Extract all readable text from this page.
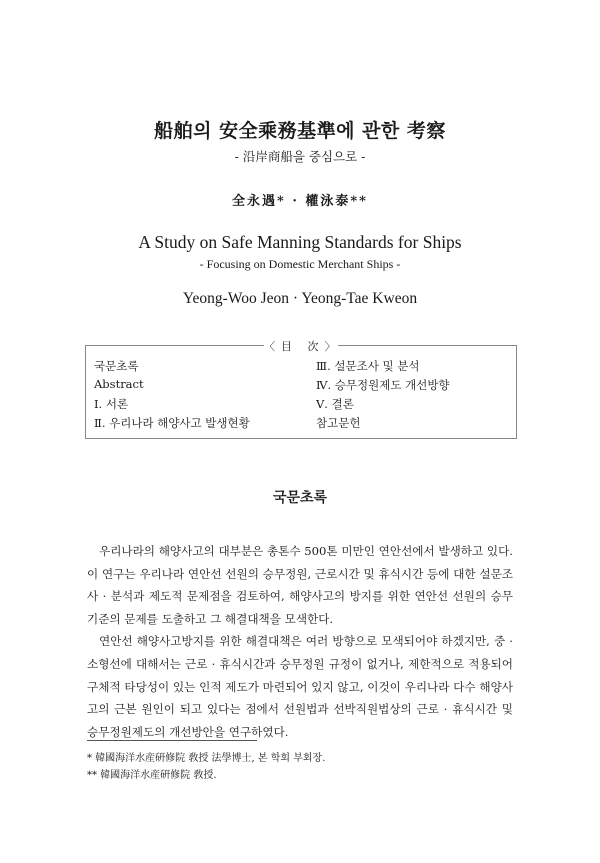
船舶의 安全乘務基準에 관한 考察
- 沿岸商船을 중심으로 -
全永遇* · 權泳泰**
A Study on Safe Manning Standards for Ships
- Focusing on Domestic Merchant Ships -
Yeong-Woo Jeon · Yeong-Tae Kweon
〈目 次〉
국문초록
Abstract
Ⅰ. 서론
Ⅱ. 우리나라 해양사고 발생현황
Ⅲ. 설문조사 및 분석
Ⅳ. 승무정원제도 개선방향
Ⅴ. 결론
참고문헌
국문초록

우리나라의 해양사고의 대부분은 총톤수 500톤 미만인 연안선에서 발생하고 있다. 이 연구는 우리나라 연안선 선원의 승무정원, 근로시간 및 휴식시간 등에 대한 설문조사 · 분석과 제도적 문제점을 검토하여, 해양사고의 방지를 위한 연안선 선원의 승무기준의 문제를 도출하고 그 해결대책을 모색한다.

연안선 해양사고방지를 위한 해결대책은 여러 방향으로 모색되어야 하겠지만, 중 · 소형선에 대해서는 근로 · 휴식시간과 승무정원 규정이 없거나, 제한적으로 적용되어 구체적 타당성이 있는 인적 제도가 마련되어 있지 않고, 이것이 우리나라 다수 해양사고의 근본 원인이 되고 있다는 점에서 선원법과 선박직원법상의 근로 · 휴식시간 및 승무정원제도의 개선방안을 연구하였다.

* 韓國海洋水産硏修院 敎授 法學博士, 본 학회 부회장.
** 韓國海洋水産硏修院 敎授.
